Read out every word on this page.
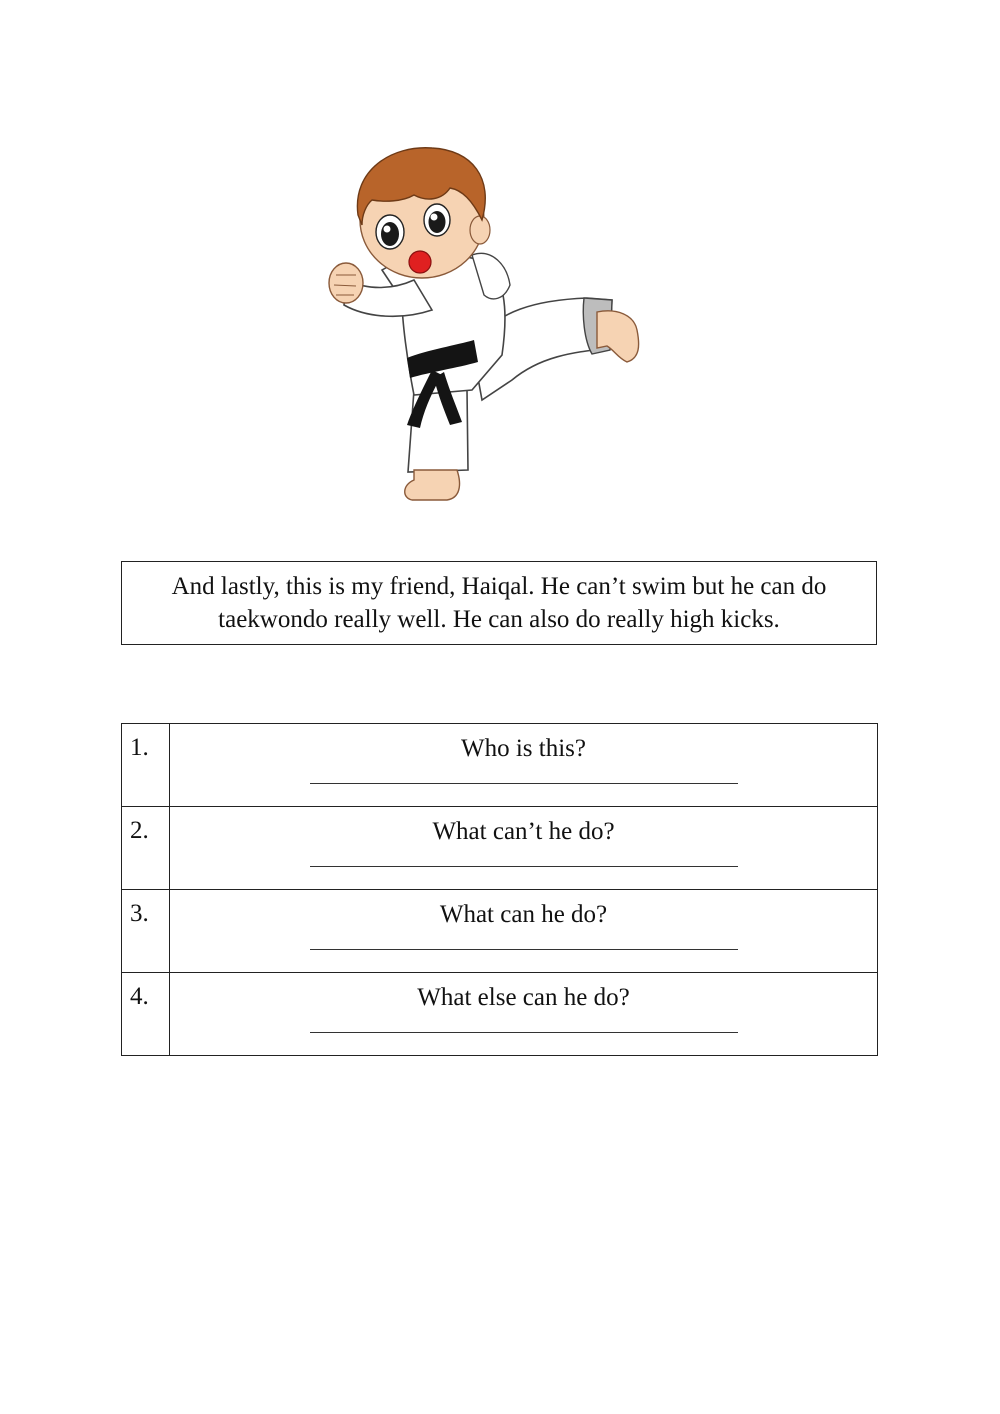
And lastly, this is my friend, Haiqal. He can’t swim but he can do taekwondo really well. He can also do really high kicks.
1.	Who is this?

2.	What can’t he do?

3.	What can he do?

4.	What else can he do?
